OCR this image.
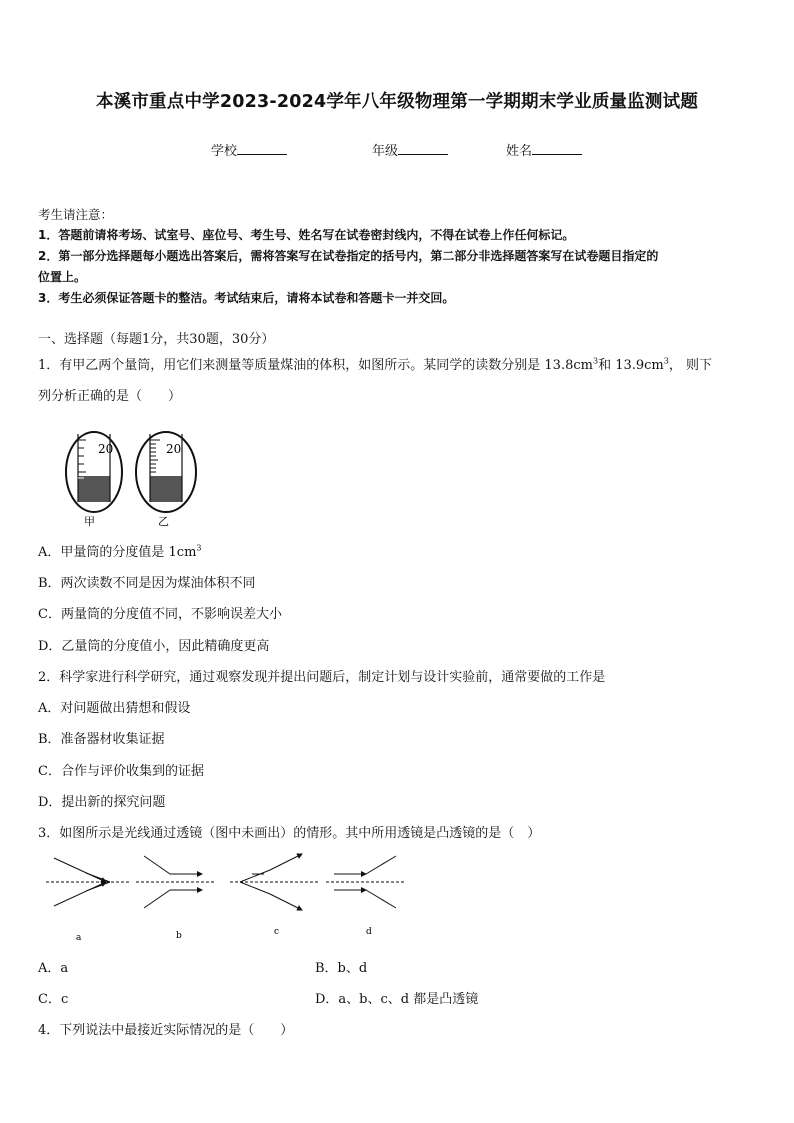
本溪市重点中学2023-2024学年八年级物理第一学期期末学业质量监测试题
学校	年级	姓名
考生请注意：
1．答题前请将考场、试室号、座位号、考生号、姓名写在试卷密封线内，不得在试卷上作任何标记。
2．第一部分选择题每小题选出答案后，需将答案写在试卷指定的括号内，第二部分非选择题答案写在试卷题目指定的
位置上。
3．考生必须保证答题卡的整洁。考试结束后，请将本试卷和答题卡一并交回。
一、选择题（每题1分，共30题，30分）
1．有甲乙两个量筒，用它们来测量等质量煤油的体积，如图所示。某同学的读数分别是 $13.8cm^3$和 $13.9cm^3$， 则下
列分析正确的是（　　）
20
甲
20
乙
A．甲量筒的分度值是 $1cm^3$
B．两次读数不同是因为煤油体积不同
C．两量筒的分度值不同，不影响误差大小
D．乙量筒的分度值小，因此精确度更高
2．科学家进行科学研究，通过观察发现并提出问题后，制定计划与设计实验前，通常要做的工作是
A．对问题做出猜想和假设
B．准备器材收集证据
C．合作与评价收集到的证据
D．提出新的探究问题
3．如图所示是光线通过透镜（图中未画出）的情形。其中所用透镜是凸透镜的是（　）
a	b	c	d
A．a	B．b、d
C．c	D．a、b、c、d 都是凸透镜
4．下列说法中最接近实际情况的是（　　）
